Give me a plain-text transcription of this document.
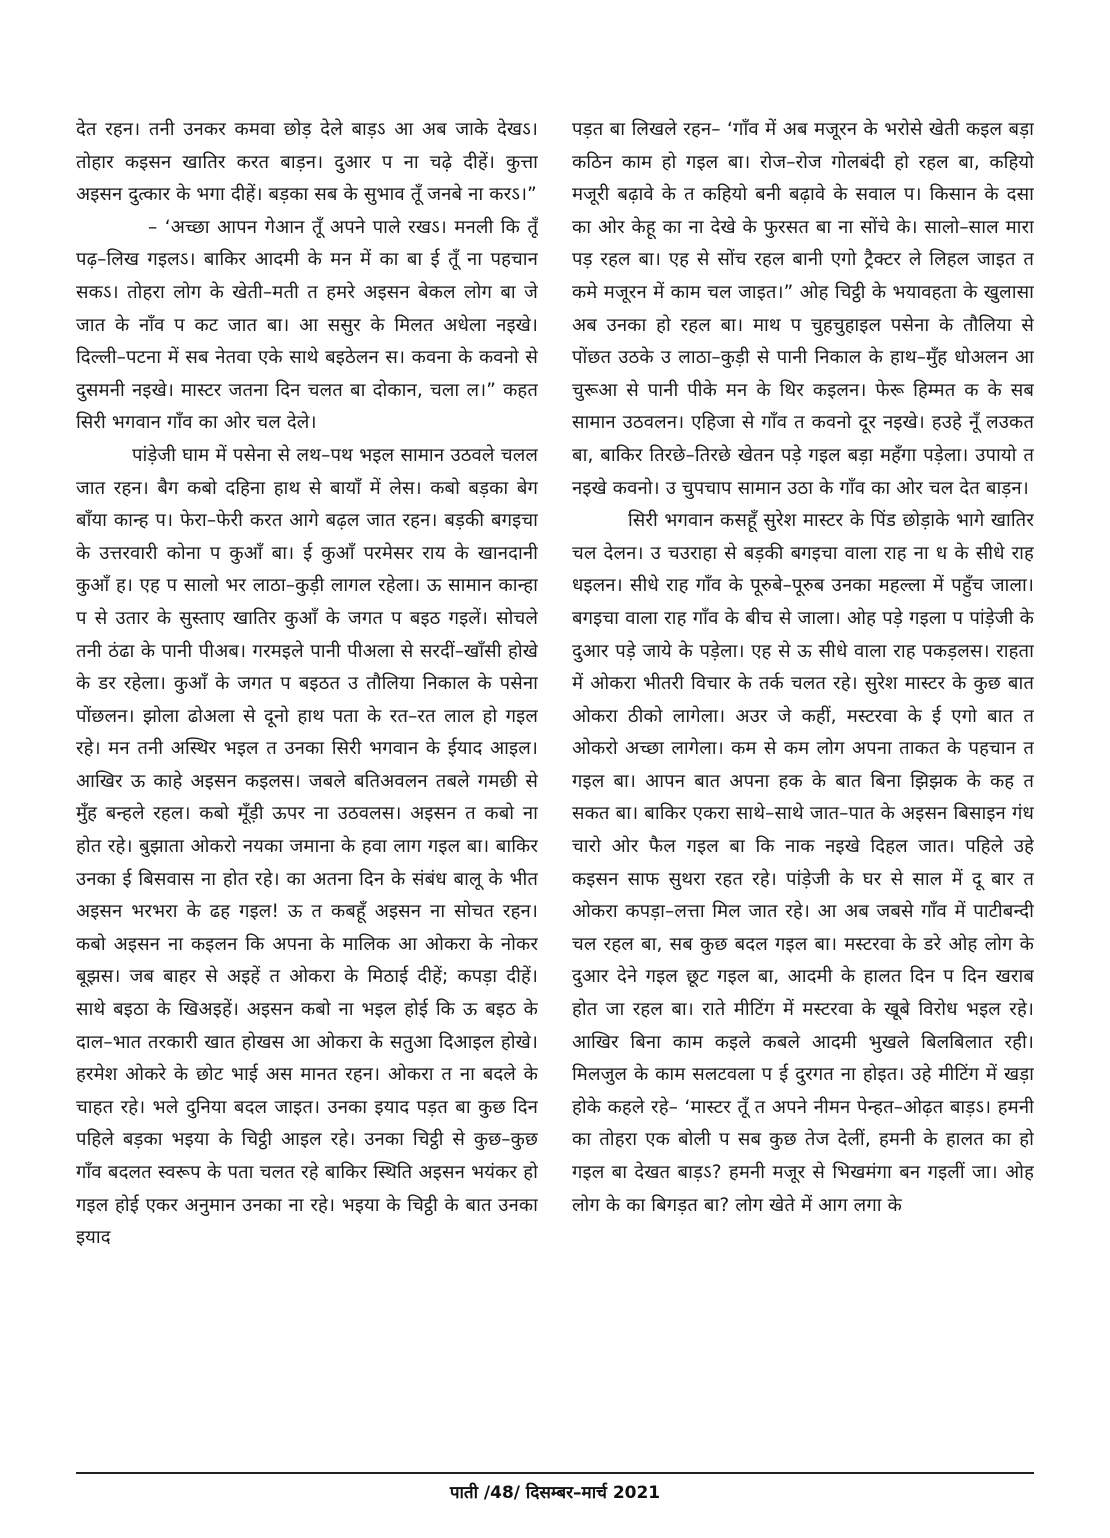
देत रहन। तनी उनकर कमवा छोड़ देले बाड़ऽ आ अब जाके देखऽ। तोहार कइसन खातिर करत बाड़न। दुआर प ना चढ़े दीहें। कुत्ता अइसन दुत्कार के भगा दीहें। बड़का सब के सुभाव तूँ जनबे ना करऽ।”

– ‘अच्छा आपन गेआन तूँ अपने पाले रखऽ। मनली कि तूँ पढ़–लिख गइलऽ। बाकिर आदमी के मन में का बा ई तूँ ना पहचान सकऽ। तोहरा लोग के खेती–मती त हमरे अइसन बेकल लोग बा जे जात के नाँव प कट जात बा। आ ससुर के मिलत अधेला नइखे। दिल्ली–पटना में सब नेतवा एके साथे बइठेलन स। कवना के कवनो से दुसमनी नइखे। मास्टर जतना दिन चलत बा दोकान, चला ल।” कहत सिरी भगवान गाँव का ओर चल देले।

पांड़ेजी घाम में पसेना से लथ–पथ भइल सामान उठवले चलल जात रहन। बैग कबो दहिना हाथ से बायाँ में लेस। कबो बड़का बेग बाँया कान्ह प। फेरा–फेरी करत आगे बढ़ल जात रहन। बड़की बगइचा के उत्तरवारी कोना प कुआँ बा। ई कुआँ परमेसर राय के खानदानी कुआँ ह। एह प सालो भर लाठा–कुड़ी लागल रहेला। ऊ सामान कान्हा प से उतार के सुस्ताए खातिर कुआँ के जगत प बइठ गइलें। सोचले तनी ठंढा के पानी पीअब। गरमइले पानी पीअला से सरदीं–खाँसी होखे के डर रहेला। कुआँ के जगत प बइठत उ तौलिया निकाल के पसेना पोंछलन। झोला ढोअला से दूनो हाथ पता के रत–रत लाल हो गइल रहे। मन तनी अस्थिर भइल त उनका सिरी भगवान के ईयाद आइल। आखिर ऊ काहे अइसन कइलस। जबले बतिअवलन तबले गमछी से मुँह बन्हले रहल। कबो मूँड़ी ऊपर ना उठवलस। अइसन त कबो ना होत रहे। बुझाता ओकरो नयका जमाना के हवा लाग गइल बा। बाकिर उनका ई बिसवास ना होत रहे। का अतना दिन के संबंध बालू के भीत अइसन भरभरा के ढह गइल! ऊ त कबहूँ अइसन ना सोचत रहन। कबो अइसन ना कइलन कि अपना के मालिक आ ओकरा के नोकर बूझस। जब बाहर से अइहें त ओकरा के मिठाई दीहें; कपड़ा दीहें। साथे बइठा के खिअइहें। अइसन कबो ना भइल होई कि ऊ बइठ के दाल–भात तरकारी खात होखस आ ओकरा के सतुआ दिआइल होखे। हरमेश ओकरे के छोट भाई अस मानत रहन। ओकरा त ना बदले के चाहत रहे। भले दुनिया बदल जाइत। उनका इयाद पड़त बा कुछ दिन पहिले बड़का भइया के चिट्ठी आइल रहे। उनका चिट्ठी से कुछ–कुछ गाँव बदलत स्वरूप के पता चलत रहे बाकिर स्थिति अइसन भयंकर हो गइल होई एकर अनुमान उनका ना रहे। भइया के चिट्ठी के बात उनका इयाद

पड़त बा लिखले रहन– ‘गाँव में अब मजूरन के भरोसे खेती कइल बड़ा कठिन काम हो गइल बा। रोज–रोज गोलबंदी हो रहल बा, कहियो मजूरी बढ़ावे के त कहियो बनी बढ़ावे के सवाल प। किसान के दसा का ओर केहू का ना देखे के फुरसत बा ना सोंचे के। सालो–साल मारा पड़ रहल बा। एह से सोंच रहल बानी एगो ट्रैक्टर ले लिहल जाइत त कमे मजूरन में काम चल जाइत।” ओह चिट्ठी के भयावहता के खुलासा अब उनका हो रहल बा। माथ प चुहचुहाइल पसेना के तौलिया से पोंछत उठके उ लाठा–कुड़ी से पानी निकाल के हाथ–मुँह धोअलन आ चुरूआ से पानी पीके मन के थिर कइलन। फेरू हिम्मत क के सब सामान उठवलन। एहिजा से गाँव त कवनो दूर नइखे। हउहे नूँ लउकत बा, बाकिर तिरछे–तिरछे खेतन पड़े गइल बड़ा महँगा पड़ेला। उपायो त नइखे कवनो। उ चुपचाप सामान उठा के गाँव का ओर चल देत बाड़न।

सिरी भगवान कसहूँ सुरेश मास्टर के पिंड छोड़ाके भागे खातिर चल देलन। उ चउराहा से बड़की बगइचा वाला राह ना ध के सीधे राह धइलन। सीधे राह गाँव के पूरुबे–पूरुब उनका महल्ला में पहुँच जाला। बगइचा वाला राह गाँव के बीच से जाला। ओह पड़े गइला प पांड़ेजी के दुआर पड़े जाये के पड़ेला। एह से ऊ सीधे वाला राह पकड़लस। राहता में ओकरा भीतरी विचार के तर्क चलत रहे। सुरेश मास्टर के कुछ बात ओकरा ठीको लागेला। अउर जे कहीं, मस्टरवा के ई एगो बात त ओकरो अच्छा लागेला। कम से कम लोग अपना ताकत के पहचान त गइल बा। आपन बात अपना हक के बात बिना झिझक के कह त सकत बा। बाकिर एकरा साथे–साथे जात–पात के अइसन बिसाइन गंध चारो ओर फैल गइल बा कि नाक नइखे दिहल जात। पहिले उहे कइसन साफ सुथरा रहत रहे। पांड़ेजी के घर से साल में दू बार त ओकरा कपड़ा–लत्ता मिल जात रहे। आ अब जबसे गाँव में पाटीबन्दी चल रहल बा, सब कुछ बदल गइल बा। मस्टरवा के डरे ओह लोग के दुआर देने गइल छूट गइल बा, आदमी के हालत दिन प दिन खराब होत जा रहल बा। राते मीटिंग में मस्टरवा के खूबे विरोध भइल रहे। आखिर बिना काम कइले कबले आदमी भुखले बिलबिलात रही। मिलजुल के काम सलटवला प ई दुरगत ना होइत। उहे मीटिंग में खड़ा होके कहले रहे– ‘मास्टर तूँ त अपने नीमन पेन्हत–ओढ़त बाड़ऽ। हमनी का तोहरा एक बोली प सब कुछ तेज देलीं, हमनी के हालत का हो गइल बा देखत बाड़ऽ? हमनी मजूर से भिखमंगा बन गइलीं जा। ओह लोग के का बिगड़त बा? लोग खेते में आग लगा के

पाती /48/ दिसम्बर–मार्च 2021
